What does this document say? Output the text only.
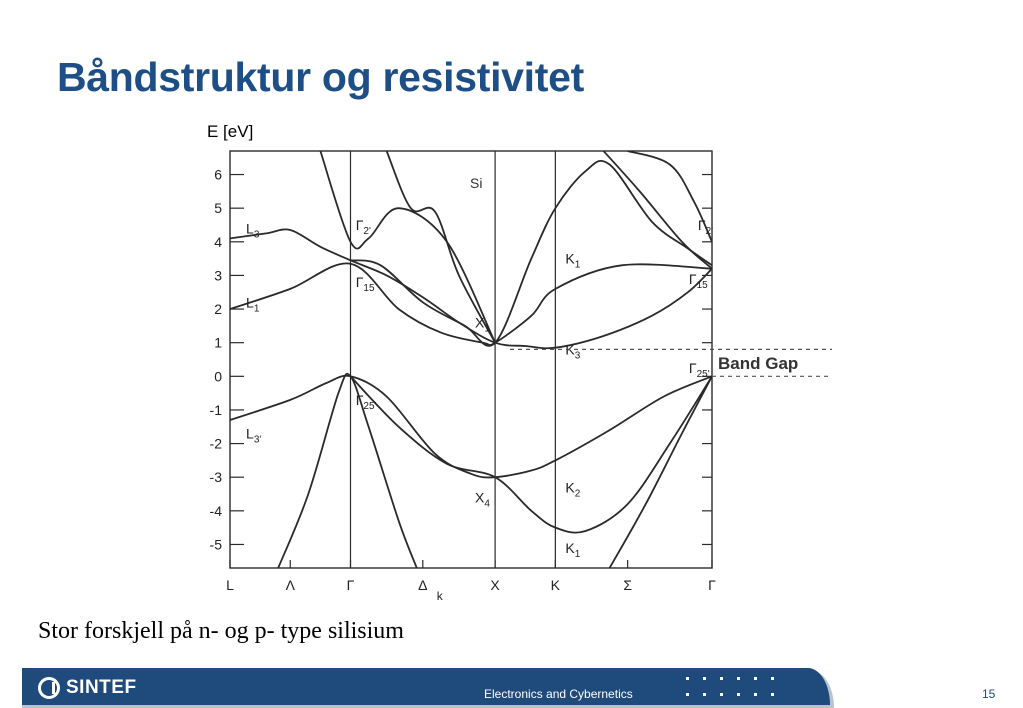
Båndstruktur og resistivitet
E [eV]
Si
6
5
4
3
2
1
0
-1
-2
-3
-4
-5
L	Λ	Γ	Δ
k
X	K	Σ	Γ
$L_3$
$L_1$
$L_{3'}$
$\Gamma_{2'}$
$\Gamma_{15}$
$\Gamma_{25'}$
$X_1$
$X_4$
$K_1$
$K_3$
$K_2$
$K_1$
$\Gamma_{2'}$
$\Gamma_{15}$
$\Gamma_{25'}$
Band Gap
Stor forskjell på n- og p- type silisium
SINTEF	Electronics and Cybernetics	15
